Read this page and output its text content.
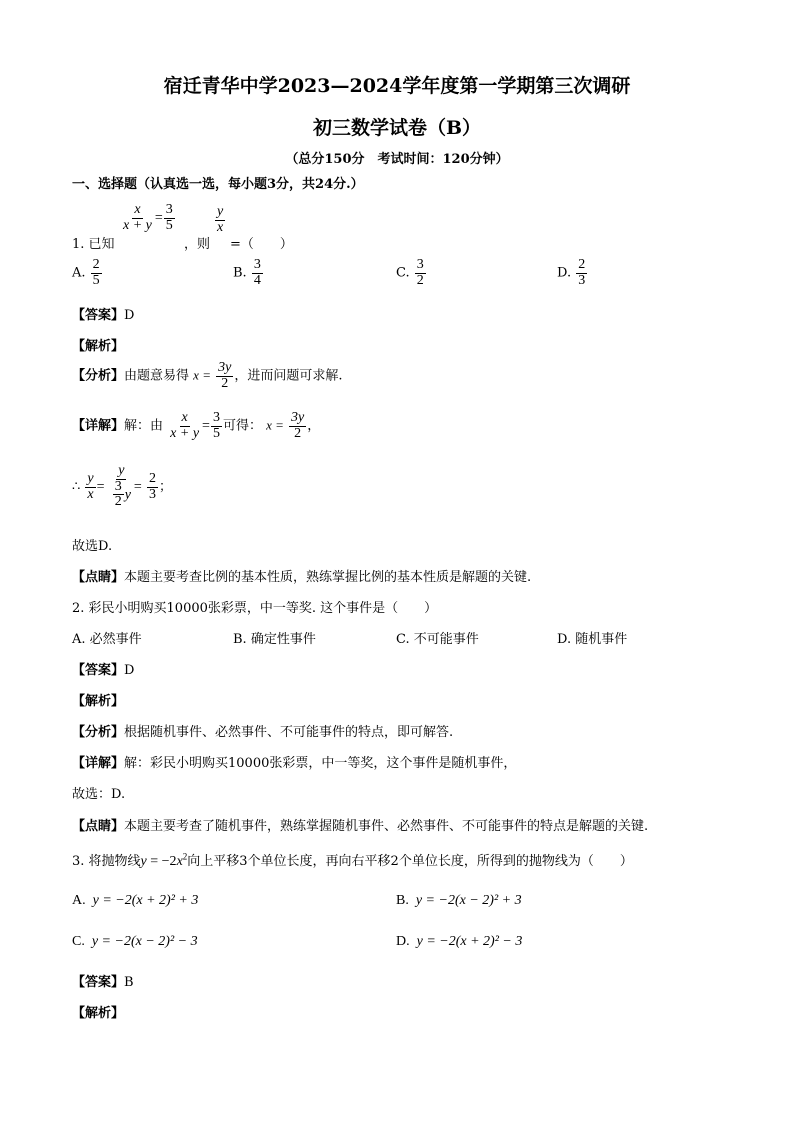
宿迁青华中学2023—2024学年度第一学期第三次调研
初三数学试卷（B）
（总分150分　考试时间：120分钟）
一、选择题（认真选一选，每小题3分，共24分.）
1. 已知
$\frac{x}{x + y} = \frac{3}{5}$
，则
$\frac{y}{x}$
=（　　）
A. $\frac{2}{5}$	B. $\frac{3}{4}$	C. $\frac{3}{2}$	D. $\frac{2}{3}$
【答案】D
【解析】
【分析】由题意易得 $x = \frac{3y}{2}$ ，进而问题可求解.
【详解】解：由 $\frac{x}{x + y} = \frac{3}{5}$ 可得： $x = \frac{3y}{2}$ ，
∴ $\frac{y}{x} = \frac{y}{\frac{3}{2} y} = \frac{2}{3}$ ；
故选D.
【点睛】本题主要考查比例的基本性质，熟练掌握比例的基本性质是解题的关键.
2. 彩民小明购买10000张彩票，中一等奖. 这个事件是（　　）
A. 必然事件	B. 确定性事件	C. 不可能事件	D. 随机事件
【答案】D
【解析】
【分析】根据随机事件、必然事件、不可能事件的特点，即可解答.
【详解】解：彩民小明购买10000张彩票，中一等奖，这个事件是随机事件，
故选：D.
【点睛】本题主要考查了随机事件，熟练掌握随机事件、必然事件、不可能事件的特点是解题的关键.
3. 将抛物线$y = -2x^2$向上平移3个单位长度，再向右平移2个单位长度，所得到的抛物线为（　　）
A. y = −2(x + 2)² + 3	B. y = −2(x − 2)² + 3
C. y = −2(x − 2)² − 3	D. y = −2(x + 2)² − 3
【答案】B
【解析】
